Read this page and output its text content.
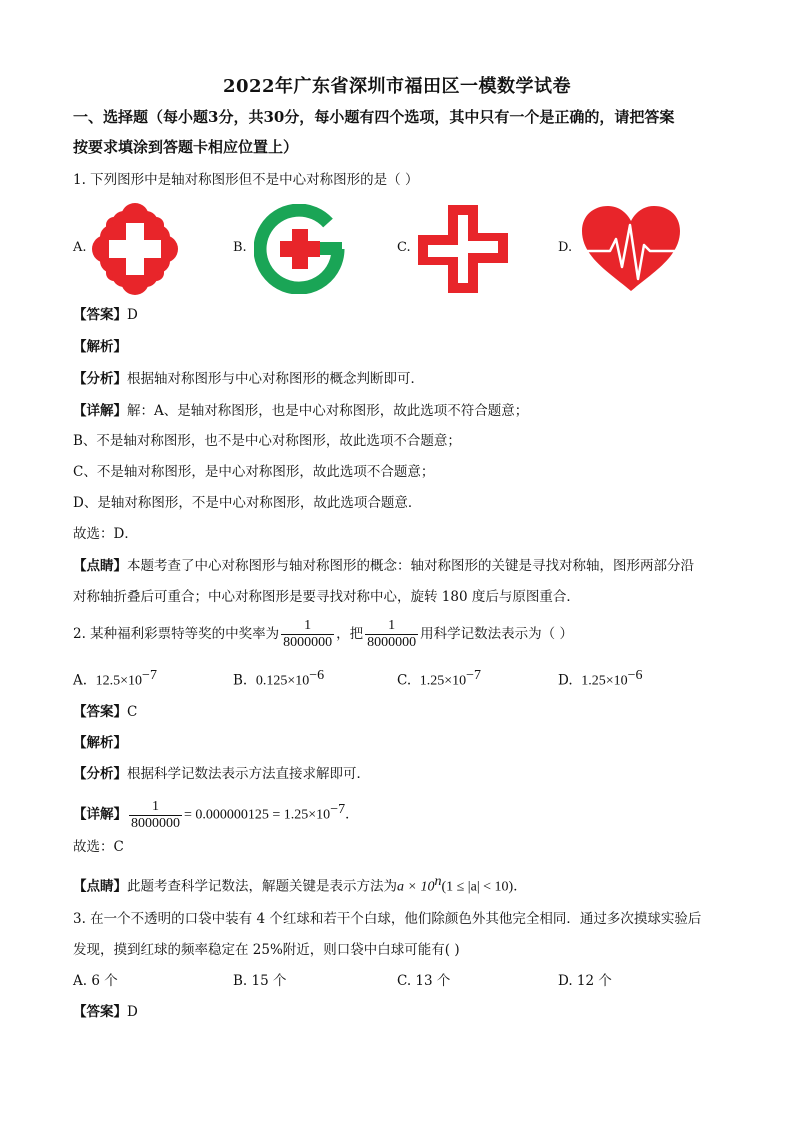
2022年广东省深圳市福田区一模数学试卷
一、选择题（每小题3分，共30分，每小题有四个选项，其中只有一个是正确的，请把答案
按要求填涂到答题卡相应位置上）
1. 下列图形中是轴对称图形但不是中心对称图形的是（ ）
A.	B.	C.	D.
【答案】D
【解析】
【分析】根据轴对称图形与中心对称图形的概念判断即可．
【详解】解：A、是轴对称图形，也是中心对称图形，故此选项不符合题意；
B、不是轴对称图形，也不是中心对称图形，故此选项不合题意；
C、不是轴对称图形，是中心对称图形，故此选项不合题意；
D、是轴对称图形，不是中心对称图形，故此选项合题意．
故选：D．
【点睛】本题考查了中心对称图形与轴对称图形的概念：轴对称图形的关键是寻找对称轴，图形两部分沿
对称轴折叠后可重合；中心对称图形是要寻找对称中心，旋转 180 度后与原图重合．
2. 某种福利彩票特等奖的中奖率为 $\frac{1}{8000000}$ ，把 $\frac{1}{8000000}$ 用科学记数法表示为（ ）
A. $12.5\times 10^{-7}$	B. $0.125\times 10^{-6}$	C. $1.25\times 10^{-7}$	D. $1.25\times 10^{-6}$
【答案】C
【解析】
【分析】根据科学记数法表示方法直接求解即可．
【详解】 $\frac{1}{8000000} = 0.000000125 = 1.25\times 10^{-7}$．
故选：C
【点睛】此题考查科学记数法，解题关键是表示方法为$a \times 10^n(1 \le |a| < 10)$．
3. 在一个不透明的口袋中装有 4 个红球和若干个白球，他们除颜色外其他完全相同．通过多次摸球实验后
发现，摸到红球的频率稳定在 25%附近，则口袋中白球可能有( )
A. 6 个	B. 15 个	C. 13 个	D. 12 个
【答案】D
